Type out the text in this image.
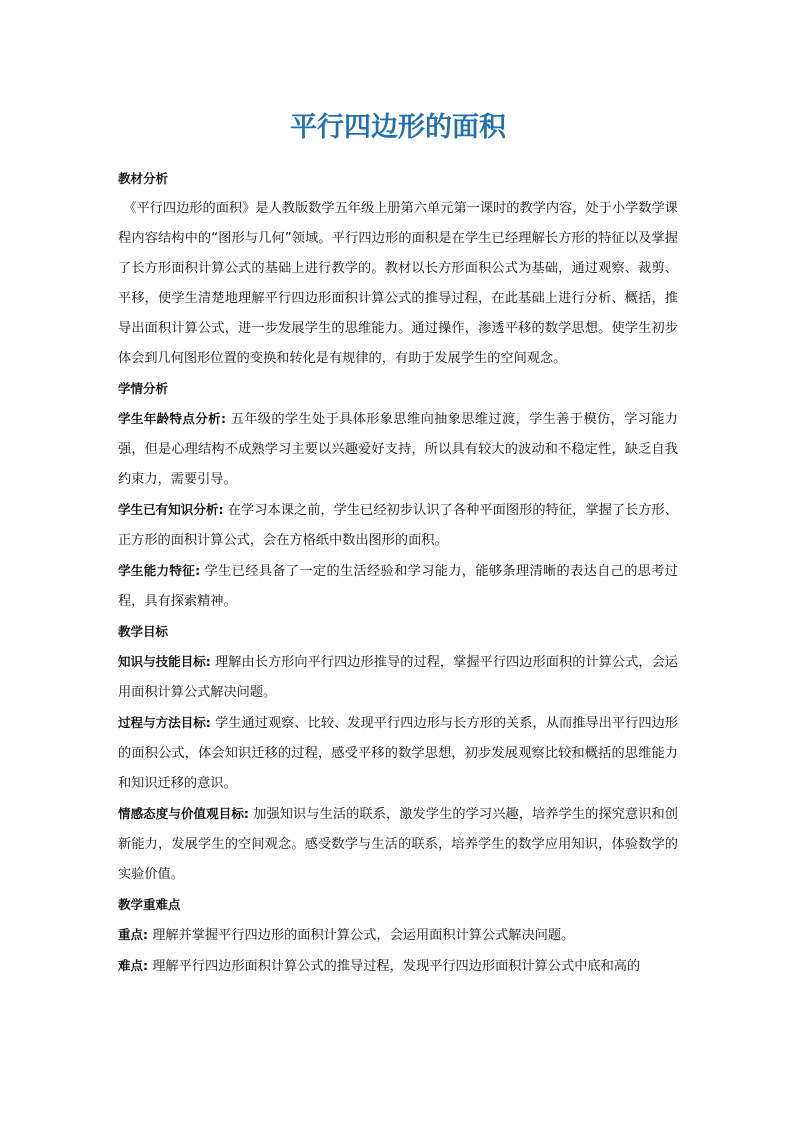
平行四边形的面积
教材分析

《平行四边形的面积》是人教版数学五年级上册第六单元第一课时的教学内容，处于小学数学课程内容结构中的“图形与几何”领域。平行四边形的面积是在学生已经理解长方形的特征以及掌握了长方形面积计算公式的基础上进行教学的。教材以长方形面积公式为基础，通过观察、裁剪、平移，使学生清楚地理解平行四边形面积计算公式的推导过程，在此基础上进行分析、概括，推导出面积计算公式，进一步发展学生的思维能力。通过操作，渗透平移的数学思想。使学生初步体会到几何图形位置的变换和转化是有规律的，有助于发展学生的空间观念。

学情分析

学生年龄特点分析: 五年级的学生处于具体形象思维向抽象思维过渡，学生善于模仿，学习能力强，但是心理结构不成熟学习主要以兴趣爱好支持，所以具有较大的波动和不稳定性，缺乏自我约束力，需要引导。

学生已有知识分析: 在学习本课之前，学生已经初步认识了各种平面图形的特征，掌握了长方形、正方形的面积计算公式，会在方格纸中数出图形的面积。

学生能力特征: 学生已经具备了一定的生活经验和学习能力，能够条理清晰的表达自己的思考过程，具有探索精神。

教学目标

知识与技能目标: 理解由长方形向平行四边形推导的过程，掌握平行四边形面积的计算公式，会运用面积计算公式解决问题。

过程与方法目标: 学生通过观察、比较、发现平行四边形与长方形的关系，从而推导出平行四边形的面积公式，体会知识迁移的过程，感受平移的数学思想，初步发展观察比较和概括的思维能力和知识迁移的意识。

情感态度与价值观目标: 加强知识与生活的联系，激发学生的学习兴趣，培养学生的探究意识和创新能力，发展学生的空间观念。感受数学与生活的联系，培养学生的数学应用知识，体验数学的实验价值。

教学重难点

重点: 理解并掌握平行四边形的面积计算公式，会运用面积计算公式解决问题。

难点: 理解平行四边形面积计算公式的推导过程，发现平行四边形面积计算公式中底和高的
